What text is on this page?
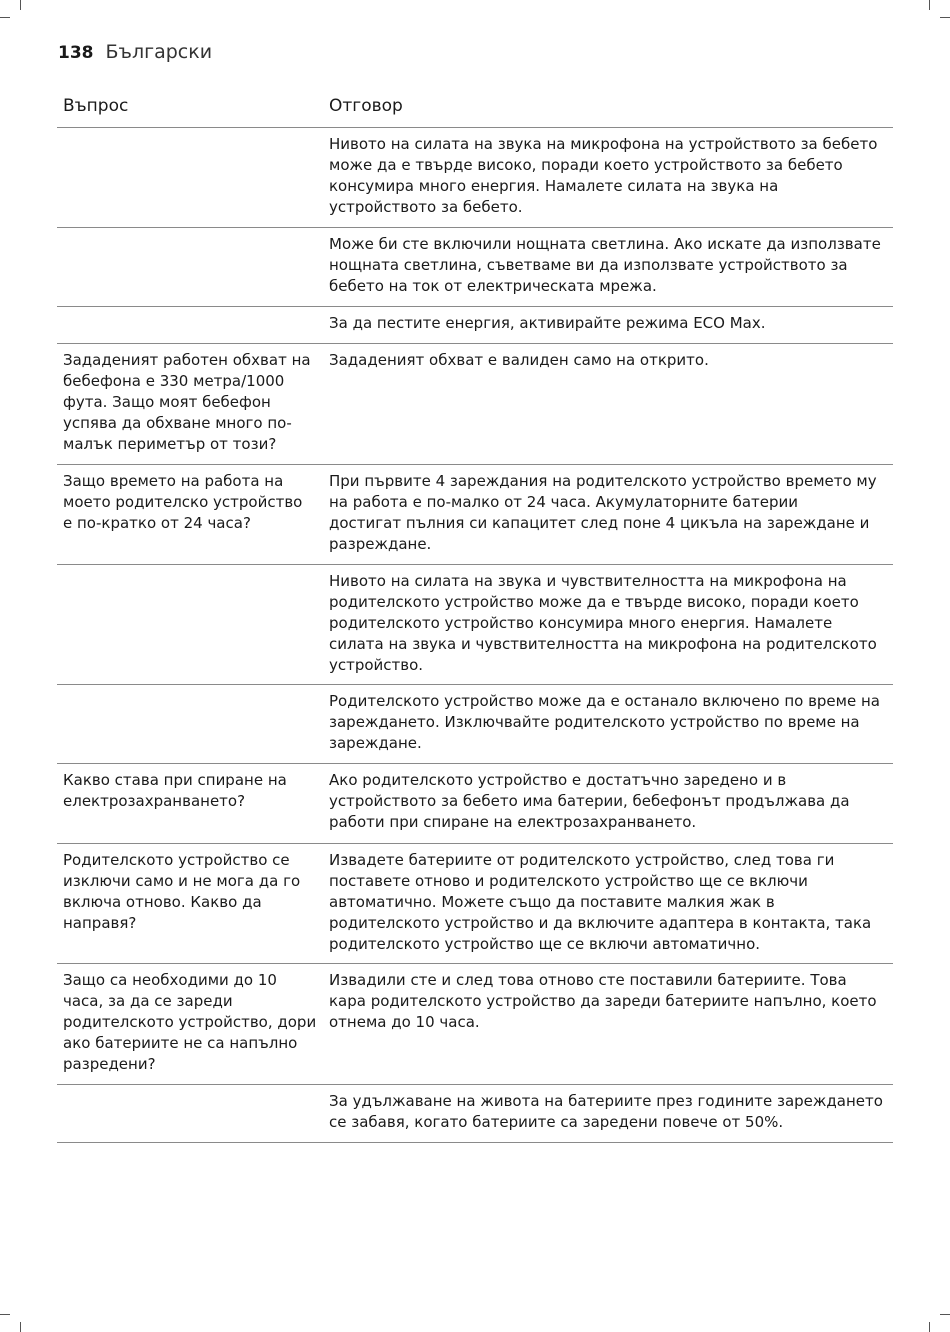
138 Български
Въпрос	Отговор
Нивото на силата на звука на микрофона на устройството за бебето
може да е твърде високо, поради което устройството за бебето
консумира много енергия. Намалете силата на звука на
устройството за бебето.
Може би сте включили нощната светлина. Ако искате да използвате
нощната светлина, съветваме ви да използвате устройството за
бебето на ток от електрическата мрежа.
За да пестите енергия, активирайте режима ECO Max.
Зададеният работен обхват на
бебефона е 330 метра/1000
фута. Защо моят бебефон
успява да обхване много по-
малък периметър от този?
Зададеният обхват е валиден само на открито.
Защо времето на работа на
моето родителско устройство
е по-кратко от 24 часа?
При първите 4 зареждания на родителското устройство времето му
на работа е по-малко от 24 часа. Акумулаторните батерии
достигат пълния си капацитет след поне 4 цикъла на зареждане и
разреждане.
Нивото на силата на звука и чувствителността на микрофона на
родителското устройство може да е твърде високо, поради което
родителското устройство консумира много енергия. Намалете
силата на звука и чувствителността на микрофона на родителското
устройство.
Родителското устройство може да е останало включено по време на
зареждането. Изключвайте родителското устройство по време на
зареждане.
Какво става при спиране на
електрозахранването?
Ако родителското устройство е достатъчно заредено и в
устройството за бебето има батерии, бебефонът продължава да
работи при спиране на електрозахранването.
Родителското устройство се
изключи само и не мога да го
включа отново. Какво да
направя?
Извадете батериите от родителското устройство, след това ги
поставете отново и родителското устройство ще се включи
автоматично. Можете също да поставите малкия жак в
родителското устройство и да включите адаптера в контакта, така
родителското устройство ще се включи автоматично.
Защо са необходими до 10
часа, за да се зареди
родителското устройство, дори
ако батериите не са напълно
разредени?
Извадили сте и след това отново сте поставили батериите. Това
кара родителското устройство да зареди батериите напълно, което
отнема до 10 часа.
За удължаване на живота на батериите през годините зареждането
се забавя, когато батериите са заредени повече от 50%.
